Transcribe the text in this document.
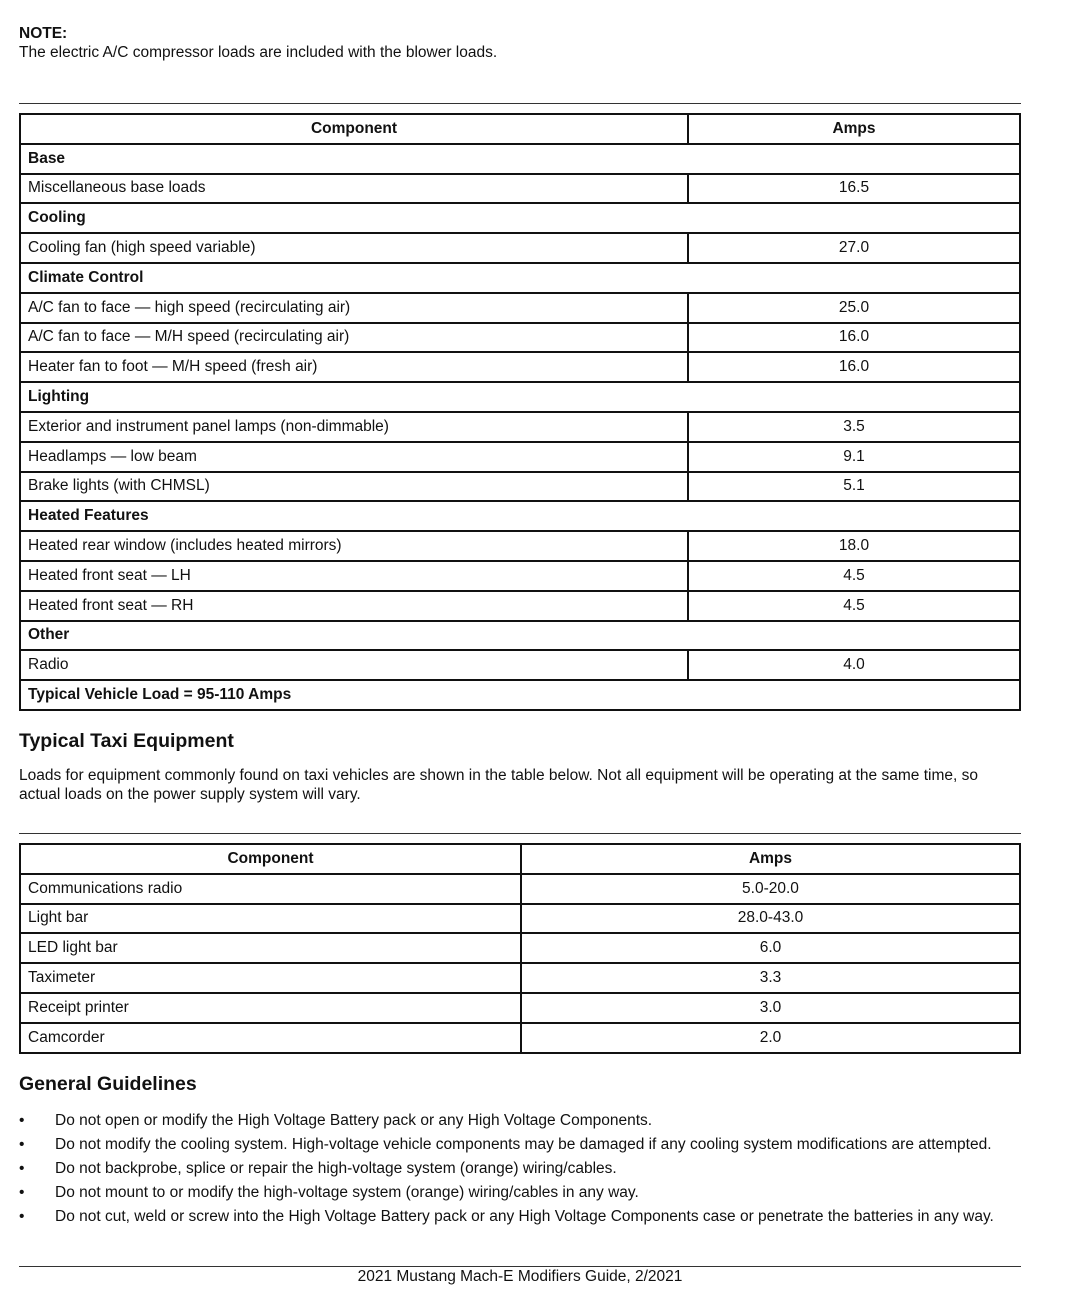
NOTE:
The electric A/C compressor loads are included with the blower loads.
Component	Amps
Base	
Miscellaneous base loads	16.5
Cooling	
Cooling fan (high speed variable)	27.0
Climate Control	
A/C fan to face — high speed (recirculating air)	25.0
A/C fan to face — M/H speed (recirculating air)	16.0
Heater fan to foot — M/H speed (fresh air)	16.0
Lighting	
Exterior and instrument panel lamps (non-dimmable)	3.5
Headlamps — low beam	9.1
Brake lights (with CHMSL)	5.1
Heated Features	
Heated rear window (includes heated mirrors)	18.0
Heated front seat — LH	4.5
Heated front seat — RH	4.5
Other	
Radio	4.0
Typical Vehicle Load = 95-110 Amps	
Typical Taxi Equipment
Loads for equipment commonly found on taxi vehicles are shown in the table below. Not all equipment will be operating at the same time, so actual loads on the power supply system will vary.
Component	Amps
Communications radio	5.0-20.0
Light bar	28.0-43.0
LED light bar	6.0
Taximeter	3.3
Receipt printer	3.0
Camcorder	2.0
General Guidelines
• Do not open or modify the High Voltage Battery pack or any High Voltage Components.
• Do not modify the cooling system. High-voltage vehicle components may be damaged if any cooling system modifications are attempted.
• Do not backprobe, splice or repair the high-voltage system (orange) wiring/cables.
• Do not mount to or modify the high-voltage system (orange) wiring/cables in any way.
• Do not cut, weld or screw into the High Voltage Battery pack or any High Voltage Components case or penetrate the batteries in any way.
2021 Mustang Mach-E Modifiers Guide, 2/2021
